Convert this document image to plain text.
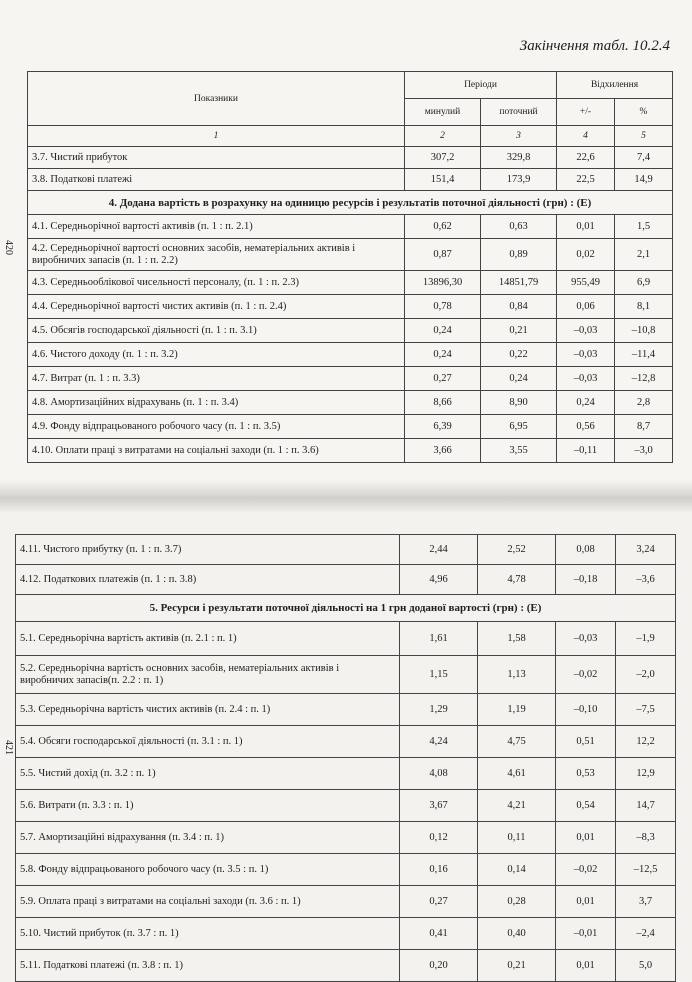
Закінчення табл. 10.2.4
420
421
Показники	Періоди		Відхилення	
	минулий	поточний	+/-	%
1	2	3	4	5
3.7. Чистий прибуток	307,2	329,8	22,6	7,4
3.8. Податкові платежі	151,4	173,9	22,5	14,9
4. Додана вартість в розрахунку на одиницю ресурсів і результатів поточної діяльності (грн) : (Е)				
4.1. Середньорічної вартості активів (п. 1 : п. 2.1)	0,62	0,63	0,01	1,5
4.2. Середньорічної вартості основних засобів, нематеріальних активів і виробничих запасів (п. 1 : п. 2.2)	0,87	0,89	0,02	2,1
4.3. Середньооблікової чисельності персоналу, (п. 1 : п. 2.3)	13896,30	14851,79	955,49	6,9
4.4. Середньорічної вартості чистих активів (п. 1 : п. 2.4)	0,78	0,84	0,06	8,1
4.5. Обсягів господарської діяльності (п. 1 : п. 3.1)	0,24	0,21	–0,03	–10,8
4.6. Чистого доходу (п. 1 : п. 3.2)	0,24	0,22	–0,03	–11,4
4.7. Витрат (п. 1 : п. 3.3)	0,27	0,24	–0,03	–12,8
4.8. Амортизаційних відрахувань (п. 1 : п. 3.4)	8,66	8,90	0,24	2,8
4.9. Фонду відпрацьованого робочого часу (п. 1 : п. 3.5)	6,39	6,95	0,56	8,7
4.10. Оплати праці з витратами на соціальні заходи (п. 1 : п. 3.6)	3,66	3,55	–0,11	–3,0
4.11. Чистого прибутку (п. 1 : п. 3.7)	2,44	2,52	0,08	3,24
4.12. Податкових платежів (п. 1 : п. 3.8)	4,96	4,78	–0,18	–3,6
5. Ресурси і результати поточної діяльності на 1 грн доданої вартості (грн) : (Е)				
5.1. Середньорічна вартість активів (п. 2.1 : п. 1)	1,61	1,58	–0,03	–1,9
5.2. Середньорічна вартість основних засобів, нематеріальних активів і виробничих запасів(п. 2.2 : п. 1)	1,15	1,13	–0,02	–2,0
5.3. Середньорічна вартість чистих активів (п. 2.4 : п. 1)	1,29	1,19	–0,10	–7,5
5.4. Обсяги господарської діяльності (п. 3.1 : п. 1)	4,24	4,75	0,51	12,2
5.5. Чистий дохід (п. 3.2 : п. 1)	4,08	4,61	0,53	12,9
5.6. Витрати (п. 3.3 : п. 1)	3,67	4,21	0,54	14,7
5.7. Амортизаційні відрахування (п. 3.4 : п. 1)	0,12	0,11	0,01	–8,3
5.8. Фонду відпрацьованого робочого часу (п. 3.5 : п. 1)	0,16	0,14	–0,02	–12,5
5.9. Оплата праці з витратами на соціальні заходи (п. 3.6 : п. 1)	0,27	0,28	0,01	3,7
5.10. Чистий прибуток (п. 3.7 : п. 1)	0,41	0,40	–0,01	–2,4
5.11. Податкові платежі (п. 3.8 : п. 1)	0,20	0,21	0,01	5,0
